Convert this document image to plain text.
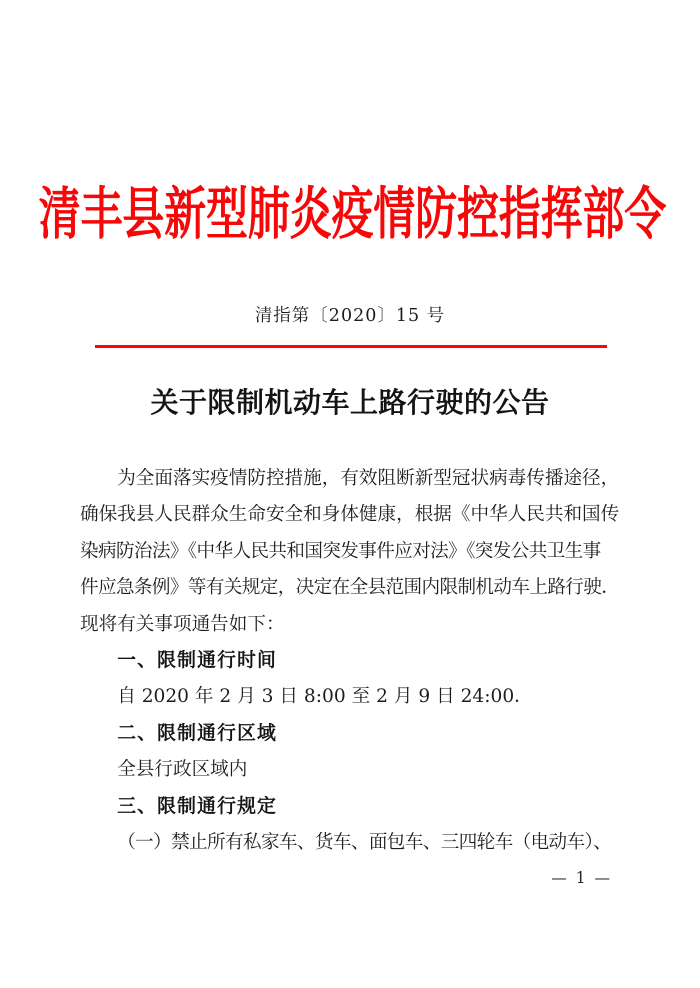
清丰县新型肺炎疫情防控指挥部令
清指第〔2020〕15 号
关于限制机动车上路行驶的公告
为全面落实疫情防控措施，有效阻断新型冠状病毒传播途径，
确保我县人民群众生命安全和身体健康，根据《中华人民共和国传
染病防治法》《中华人民共和国突发事件应对法》《突发公共卫生事
件应急条例》等有关规定，决定在全县范围内限制机动车上路行驶．
现将有关事项通告如下：
一、限制通行时间
自 2020 年 2 月 3 日 8:00 至 2 月 9 日 24:00．
二、限制通行区域
全县行政区域内
三、限制通行规定
（一）禁止所有私家车、货车、面包车、三四轮车（电动车）、
— 1 —
